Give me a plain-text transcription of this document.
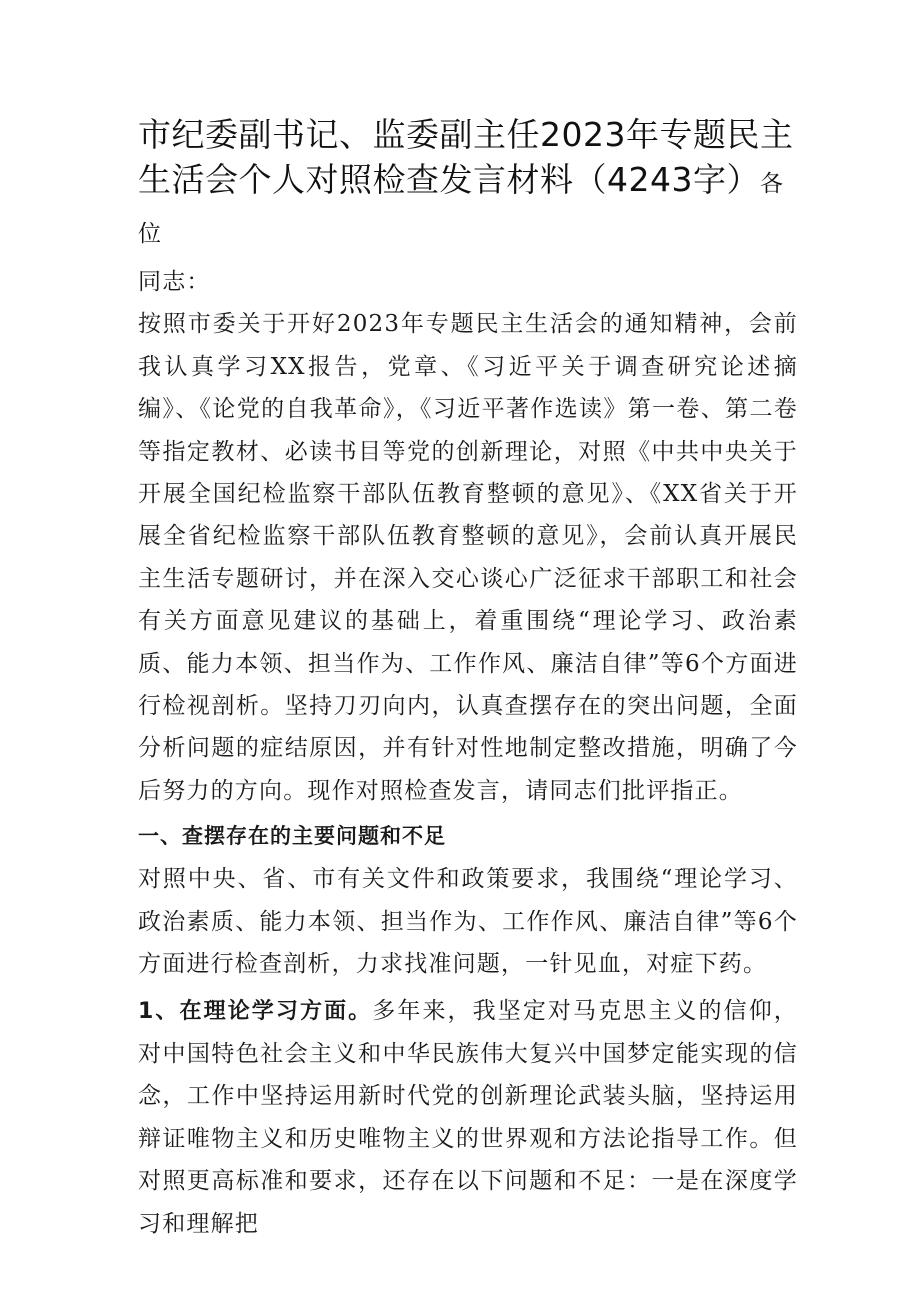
市纪委副书记、监委副主任2023年专题民主生活会个人对照检查发言材料（4243字）各位

同志：

按照市委关于开好2023年专题民主生活会的通知精神，会前我认真学习XX报告，党章、《习近平关于调查研究论述摘编》、《论党的自我革命》，《习近平著作选读》第一卷、第二卷等指定教材、必读书目等党的创新理论，对照《中共中央关于开展全国纪检监察干部队伍教育整顿的意见》、《XX省关于开展全省纪检监察干部队伍教育整顿的意见》，会前认真开展民主生活专题研讨，并在深入交心谈心广泛征求干部职工和社会有关方面意见建议的基础上，着重围绕“理论学习、政治素质、能力本领、担当作为、工作作风、廉洁自律”等6个方面进行检视剖析。坚持刀刃向内，认真查摆存在的突出问题，全面分析问题的症结原因，并有针对性地制定整改措施，明确了今后努力的方向。现作对照检查发言，请同志们批评指正。

一、查摆存在的主要问题和不足

对照中央、省、市有关文件和政策要求，我围绕“理论学习、政治素质、能力本领、担当作为、工作作风、廉洁自律”等6个方面进行检查剖析，力求找准问题，一针见血，对症下药。

1、在理论学习方面。多年来，我坚定对马克思主义的信仰，对中国特色社会主义和中华民族伟大复兴中国梦定能实现的信念，工作中坚持运用新时代党的创新理论武装头脑，坚持运用辩证唯物主义和历史唯物主义的世界观和方法论指导工作。但对照更高标准和要求，还存在以下问题和不足：一是在深度学习和理解把
